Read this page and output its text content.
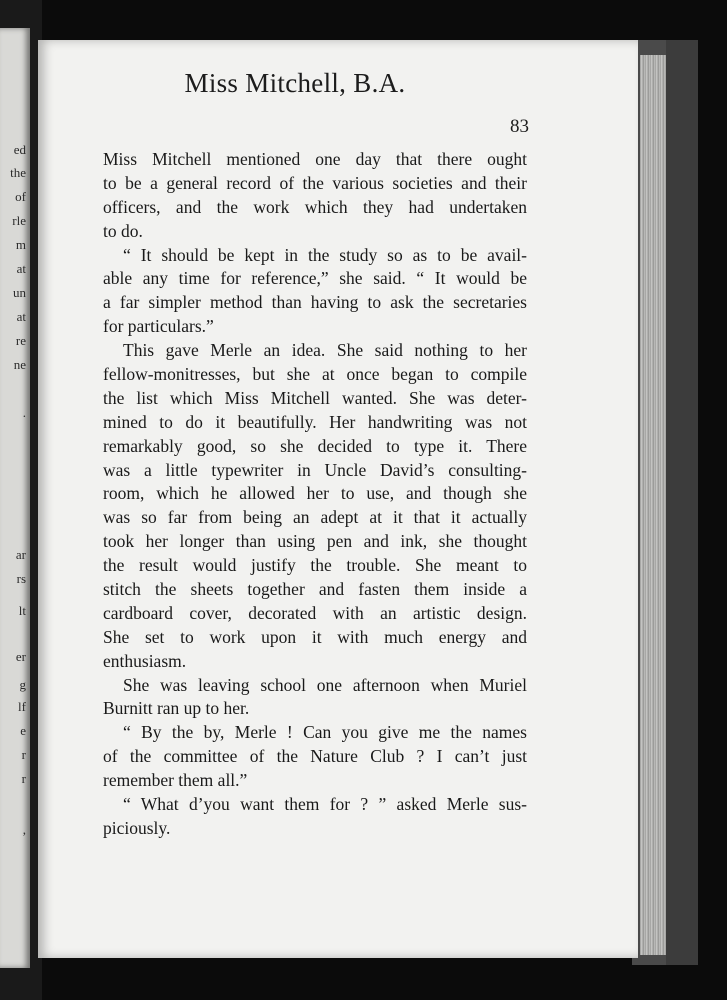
ed
the
of
rle
m
at
un
at
re
ne
.
ar
rs
lt
er
g
lf
e
r
r
,
Miss Mitchell, B.A.
83
Miss Mitchell mentioned one day that there ought
to be a general record of the various societies and their
officers, and the work which they had undertaken
to do.
“ It should be kept in the study so as to be avail-
able any time for reference,” she said. “ It would be
a far simpler method than having to ask the secretaries
for particulars.”
This gave Merle an idea. She said nothing to her
fellow-monitresses, but she at once began to compile
the list which Miss Mitchell wanted. She was deter-
mined to do it beautifully. Her handwriting was not
remarkably good, so she decided to type it. There
was a little typewriter in Uncle David’s consulting-
room, which he allowed her to use, and though she
was so far from being an adept at it that it actually
took her longer than using pen and ink, she thought
the result would justify the trouble. She meant to
stitch the sheets together and fasten them inside a
cardboard cover, decorated with an artistic design.
She set to work upon it with much energy and
enthusiasm.
She was leaving school one afternoon when Muriel
Burnitt ran up to her.
“ By the by, Merle ! Can you give me the names
of the committee of the Nature Club ? I can’t just
remember them all.”
“ What d’you want them for ? ” asked Merle sus-
piciously.
